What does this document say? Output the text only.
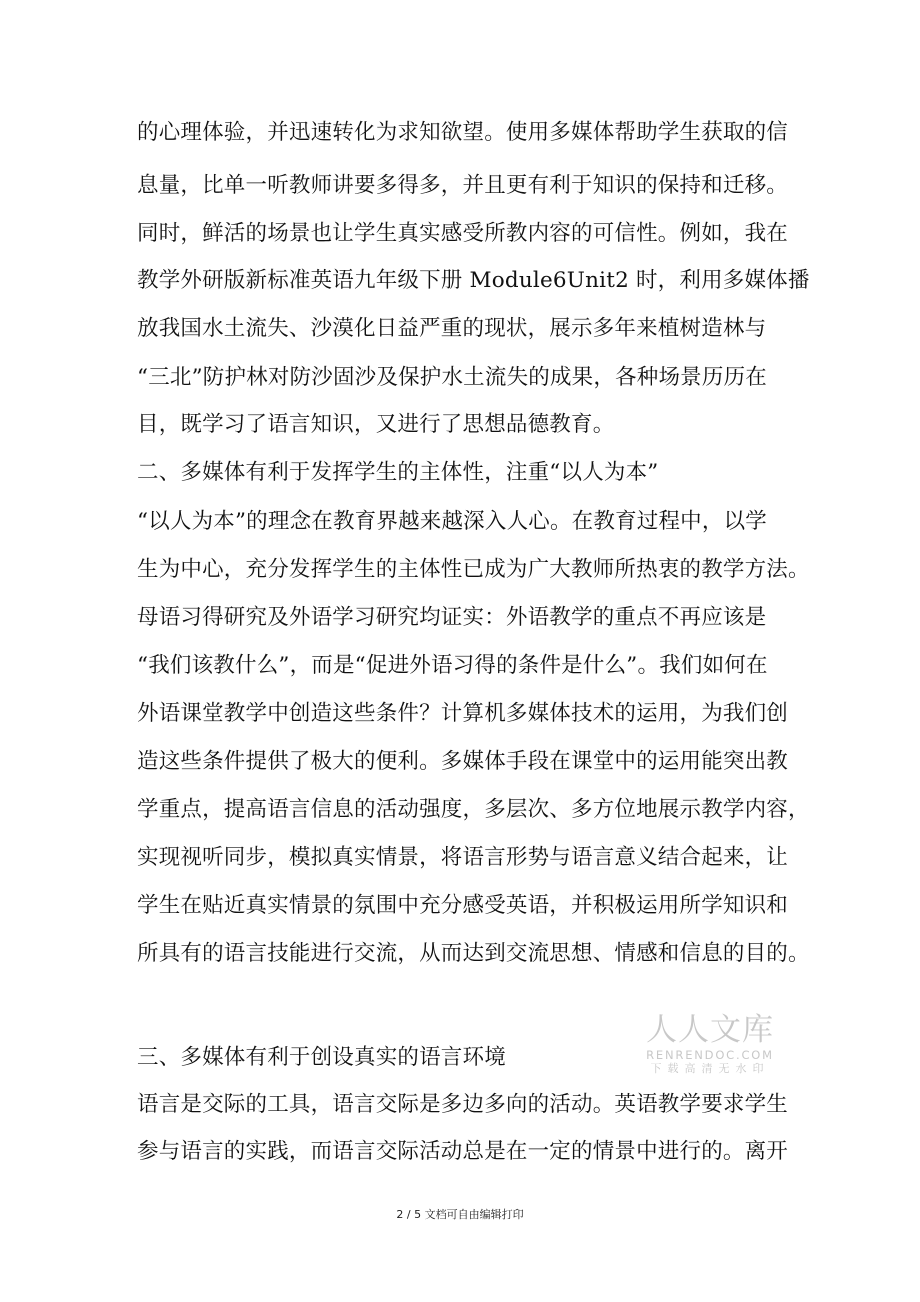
的心理体验，并迅速转化为求知欲望。使用多媒体帮助学生获取的信
息量，比单一听教师讲要多得多，并且更有利于知识的保持和迁移。
同时，鲜活的场景也让学生真实感受所教内容的可信性。例如，我在
教学外研版新标准英语九年级下册 Module6Unit2 时，利用多媒体播
放我国水土流失、沙漠化日益严重的现状，展示多年来植树造林与
“三北”防护林对防沙固沙及保护水土流失的成果，各种场景历历在
目，既学习了语言知识，又进行了思想品德教育。
二、多媒体有利于发挥学生的主体性，注重“以人为本”
“以人为本”的理念在教育界越来越深入人心。在教育过程中，以学
生为中心，充分发挥学生的主体性已成为广大教师所热衷的教学方法。
母语习得研究及外语学习研究均证实：外语教学的重点不再应该是
“我们该教什么”，而是“促进外语习得的条件是什么”。我们如何在
外语课堂教学中创造这些条件？计算机多媒体技术的运用，为我们创
造这些条件提供了极大的便利。多媒体手段在课堂中的运用能突出教
学重点，提高语言信息的活动强度，多层次、多方位地展示教学内容，
实现视听同步，模拟真实情景，将语言形势与语言意义结合起来，让
学生在贴近真实情景的氛围中充分感受英语，并积极运用所学知识和
所具有的语言技能进行交流，从而达到交流思想、情感和信息的目的。
三、多媒体有利于创设真实的语言环境
语言是交际的工具，语言交际是多边多向的活动。英语教学要求学生
参与语言的实践，而语言交际活动总是在一定的情景中进行的。离开
人人文库
RENRENDOC.COM
下载高清无水印
2 / 5 文档可自由编辑打印
